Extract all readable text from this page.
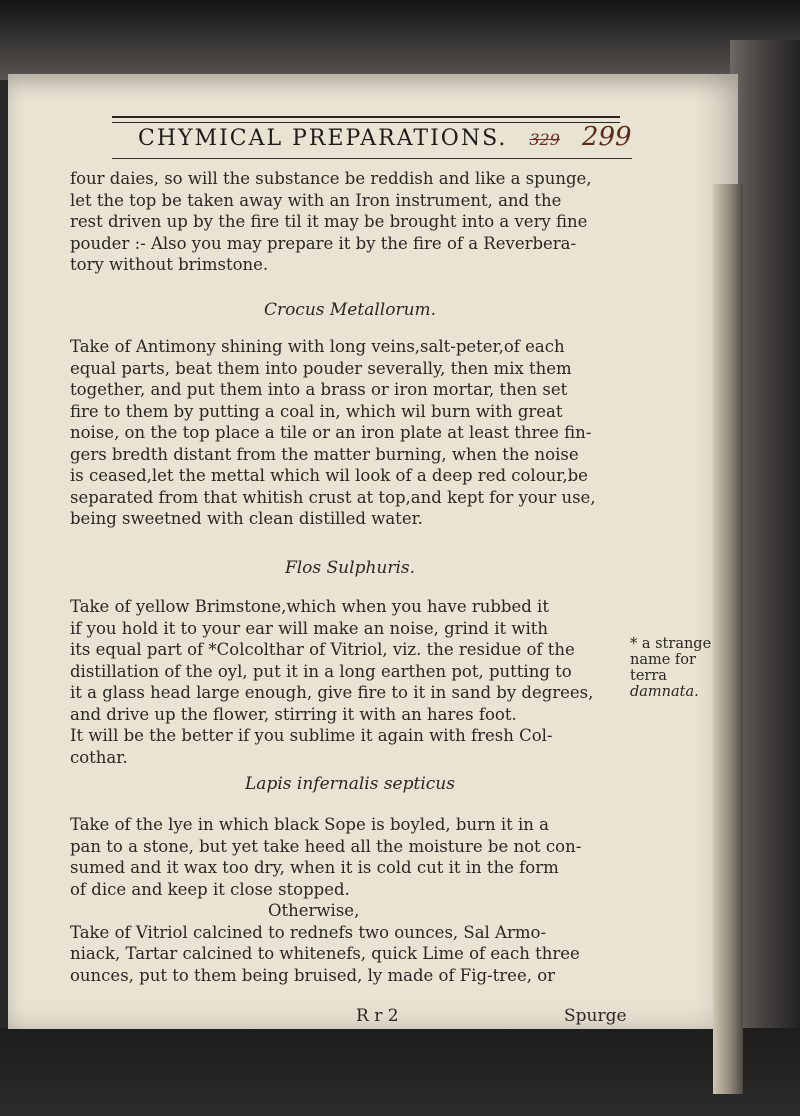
CHYMICAL PREPARATIONS. 329 299
four daies, so will the substance be reddish and like a spunge,
let the top be taken away with an Iron instrument, and the
rest driven up by the fire til it may be brought into a very fine
pouder :- Also you may prepare it by the fire of a Reverbera-
tory without brimstone.
Crocus Metallorum.
Take of Antimony shining with long veins,salt-peter,of each
equal parts, beat them into pouder severally, then mix them
together, and put them into a brass or iron mortar, then set
fire to them by putting a coal in, which wil burn with great
noise, on the top place a tile or an iron plate at least three fin-
gers bredth distant from the matter burning, when the noise
is ceased,let the mettal which wil look of a deep red colour,be
separated from that whitish crust at top,and kept for your use,
being sweetned with clean distilled water.
Flos Sulphuris.
Take of yellow Brimstone,which when you have rubbed it
if you hold it to your ear will make an noise, grind it with
its equal part of *Colcolthar of Vitriol, viz. the residue of the
distillation of the oyl, put it in a long earthen pot, putting to
it a glass head large enough, give fire to it in sand by degrees,
and drive up the flower, stirring it with an hares foot.
It will be the better if you sublime it again with fresh Col-
cothar.
* a strange
name for terra
damnata.
Lapis infernalis septicus
Take of the lye in which black Sope is boyled, burn it in a
pan to a stone, but yet take heed all the moisture be not con-
sumed and it wax too dry, when it is cold cut it in the form
of dice and keep it close stopped.
Otherwise,
Take of Vitriol calcined to rednefs two ounces, Sal Armo-
niack, Tartar calcined to whitenefs, quick Lime of each three
ounces, put to them being bruised, ly made of Fig-tree, or
R r 2	Spurge
